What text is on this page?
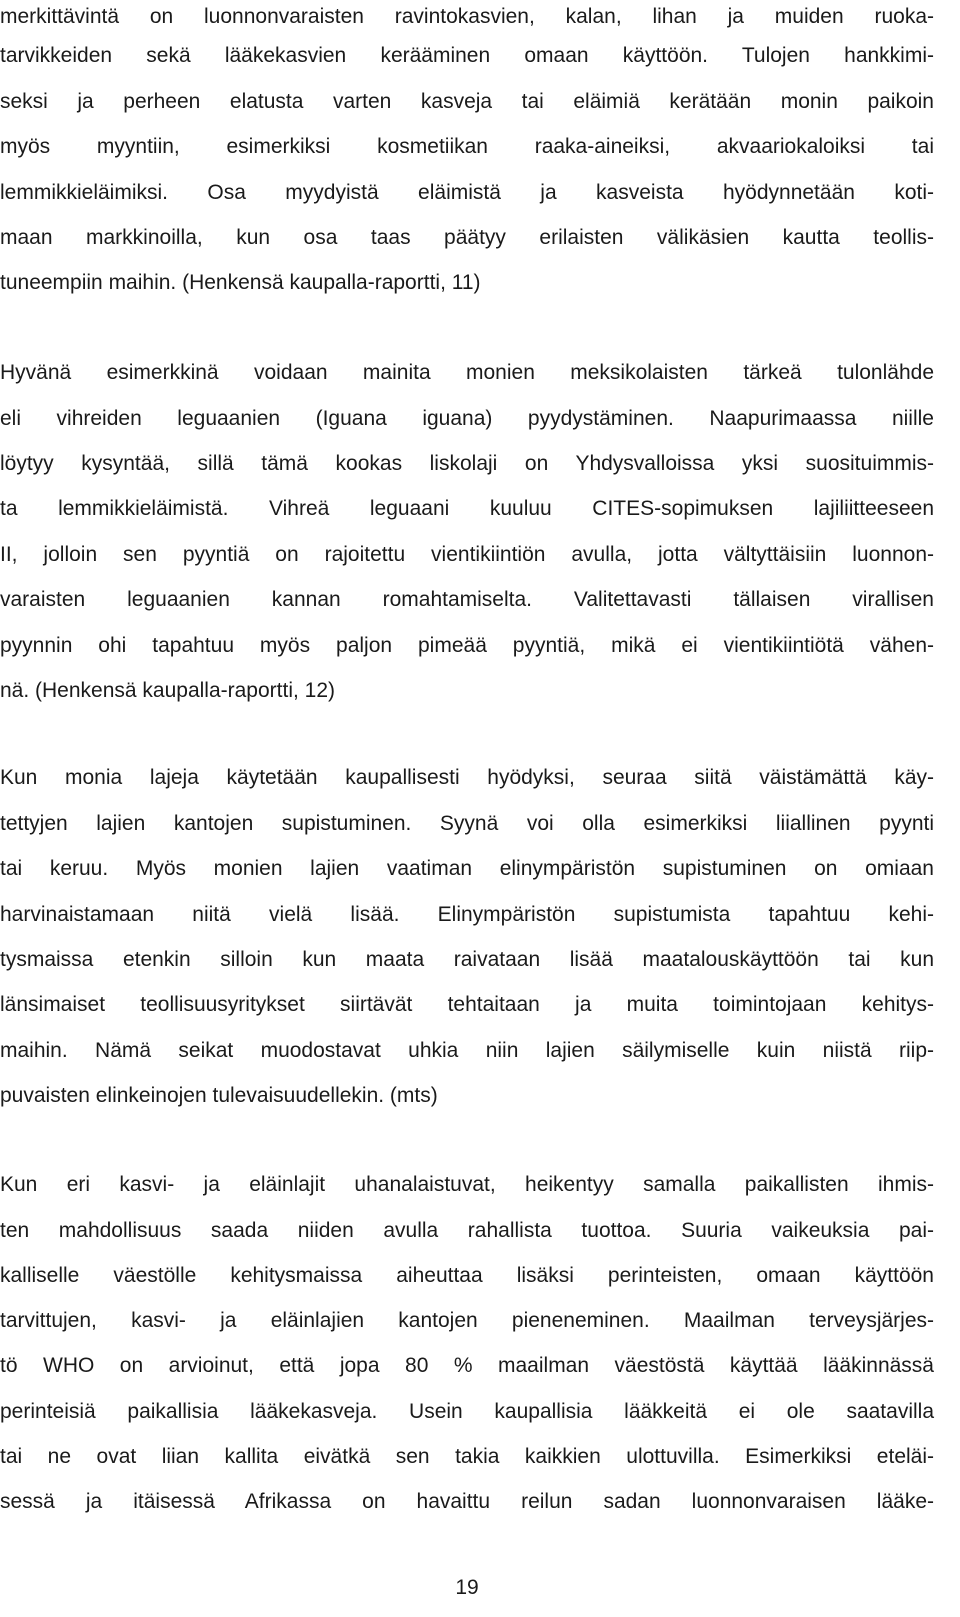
merkittävintä on luonnonvaraisten ravintokasvien, kalan, lihan ja muiden ruoka-
tarvikkeiden sekä lääkekasvien kerääminen omaan käyttöön. Tulojen hankkimi-
seksi ja perheen elatusta varten kasveja tai eläimiä kerätään monin paikoin
myös myyntiin, esimerkiksi kosmetiikan raaka-aineiksi, akvaariokaloiksi tai
lemmikkieläimiksi. Osa myydyistä eläimistä ja kasveista hyödynnetään koti-
maan markkinoilla, kun osa taas päätyy erilaisten välikäsien kautta teollis-
tuneempiin maihin. (Henkensä kaupalla-raportti, 11)
Hyvänä esimerkkinä voidaan mainita monien meksikolaisten tärkeä tulonlähde
eli vihreiden leguaanien (Iguana iguana) pyydystäminen. Naapurimaassa niille
löytyy kysyntää, sillä tämä kookas liskolaji on Yhdysvalloissa yksi suosituimmis-
ta lemmikkieläimistä. Vihreä leguaani kuuluu CITES-sopimuksen lajiliitteeseen
II, jolloin sen pyyntiä on rajoitettu vientikiintiön avulla, jotta vältyttäisiin luonnon-
varaisten leguaanien kannan romahtamiselta. Valitettavasti tällaisen virallisen
pyynnin ohi tapahtuu myös paljon pimeää pyyntiä, mikä ei vientikiintiötä vähen-
nä. (Henkensä kaupalla-raportti, 12)
Kun monia lajeja käytetään kaupallisesti hyödyksi, seuraa siitä väistämättä käy-
tettyjen lajien kantojen supistuminen. Syynä voi olla esimerkiksi liiallinen pyynti
tai keruu. Myös monien lajien vaatiman elinympäristön supistuminen on omiaan
harvinaistamaan niitä vielä lisää. Elinympäristön supistumista tapahtuu kehi-
tysmaissa etenkin silloin kun maata raivataan lisää maatalouskäyttöön tai kun
länsimaiset teollisuusyritykset siirtävät tehtaitaan ja muita toimintojaan kehitys-
maihin. Nämä seikat muodostavat uhkia niin lajien säilymiselle kuin niistä riip-
puvaisten elinkeinojen tulevaisuudellekin. (mts)
Kun eri kasvi- ja eläinlajit uhanalaistuvat, heikentyy samalla paikallisten ihmis-
ten mahdollisuus saada niiden avulla rahallista tuottoa. Suuria vaikeuksia pai-
kalliselle väestölle kehitysmaissa aiheuttaa lisäksi perinteisten, omaan käyttöön
tarvittujen, kasvi- ja eläinlajien kantojen pieneneminen. Maailman terveysjärjes-
tö WHO on arvioinut, että jopa 80 % maailman väestöstä käyttää lääkinnässä
perinteisiä paikallisia lääkekasveja. Usein kaupallisia lääkkeitä ei ole saatavilla
tai ne ovat liian kallita eivätkä sen takia kaikkien ulottuvilla. Esimerkiksi eteläi-
sessä ja itäisessä Afrikassa on havaittu reilun sadan luonnonvaraisen lääke-
19
